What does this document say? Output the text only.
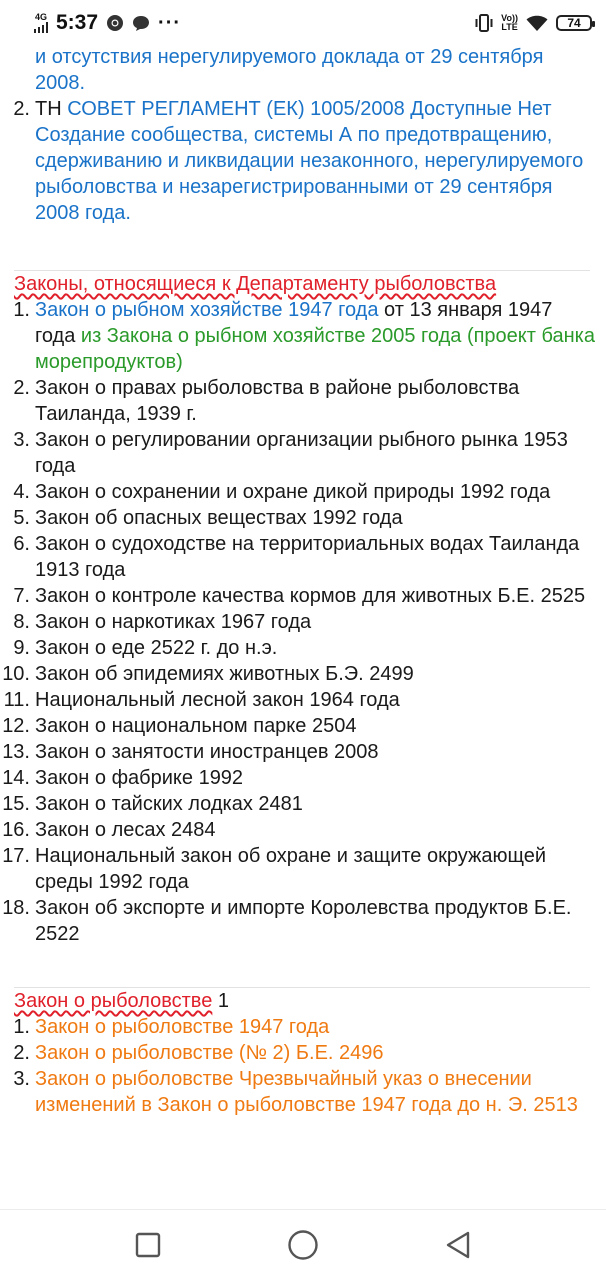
4G 5:37	···	Vo))
LTE	74
и отсутствия нерегулируемого доклада от 29 сентября 2008.
2. ТН СОВЕТ РЕГЛАМЕНТ (ЕК) 1005/2008 Доступные Нет Создание сообщества, системы А по предотвращению, сдерживанию и ликвидации незаконного, нерегулируемого рыболовства и незарегистрированными от 29 сентября 2008 года.
Законы, относящиеся к Департаменту рыболовства
1. Закон о рыбном хозяйстве 1947 года от 13 января 1947 года из Закона о рыбном хозяйстве 2005 года (проект банка морепродуктов)
2. Закон о правах рыболовства в районе рыболовства Таиланда, 1939 г.
3. Закон о регулировании организации рыбного рынка 1953 года
4. Закон о сохранении и охране дикой природы 1992 года
5. Закон об опасных веществах 1992 года
6. Закон о судоходстве на территориальных водах Таиланда 1913 года
7. Закон о контроле качества кормов для животных Б.Е. 2525
8. Закон о наркотиках 1967 года
9. Закон о еде 2522 г. до н.э.
10. Закон об эпидемиях животных Б.Э. 2499
11. Национальный лесной закон 1964 года
12. Закон о национальном парке 2504
13. Закон о занятости иностранцев 2008
14. Закон о фабрике 1992
15. Закон о тайских лодках 2481
16. Закон о лесах 2484
17. Национальный закон об охране и защите окружающей среды 1992 года
18. Закон об экспорте и импорте Королевства продуктов Б.Е. 2522
Закон о рыболовстве 1
1. Закон о рыболовстве 1947 года
2. Закон о рыболовстве (№ 2) Б.Е. 2496
3. Закон о рыболовстве Чрезвычайный указ о внесении изменений в Закон о рыболовстве 1947 года до н. Э. 2513
